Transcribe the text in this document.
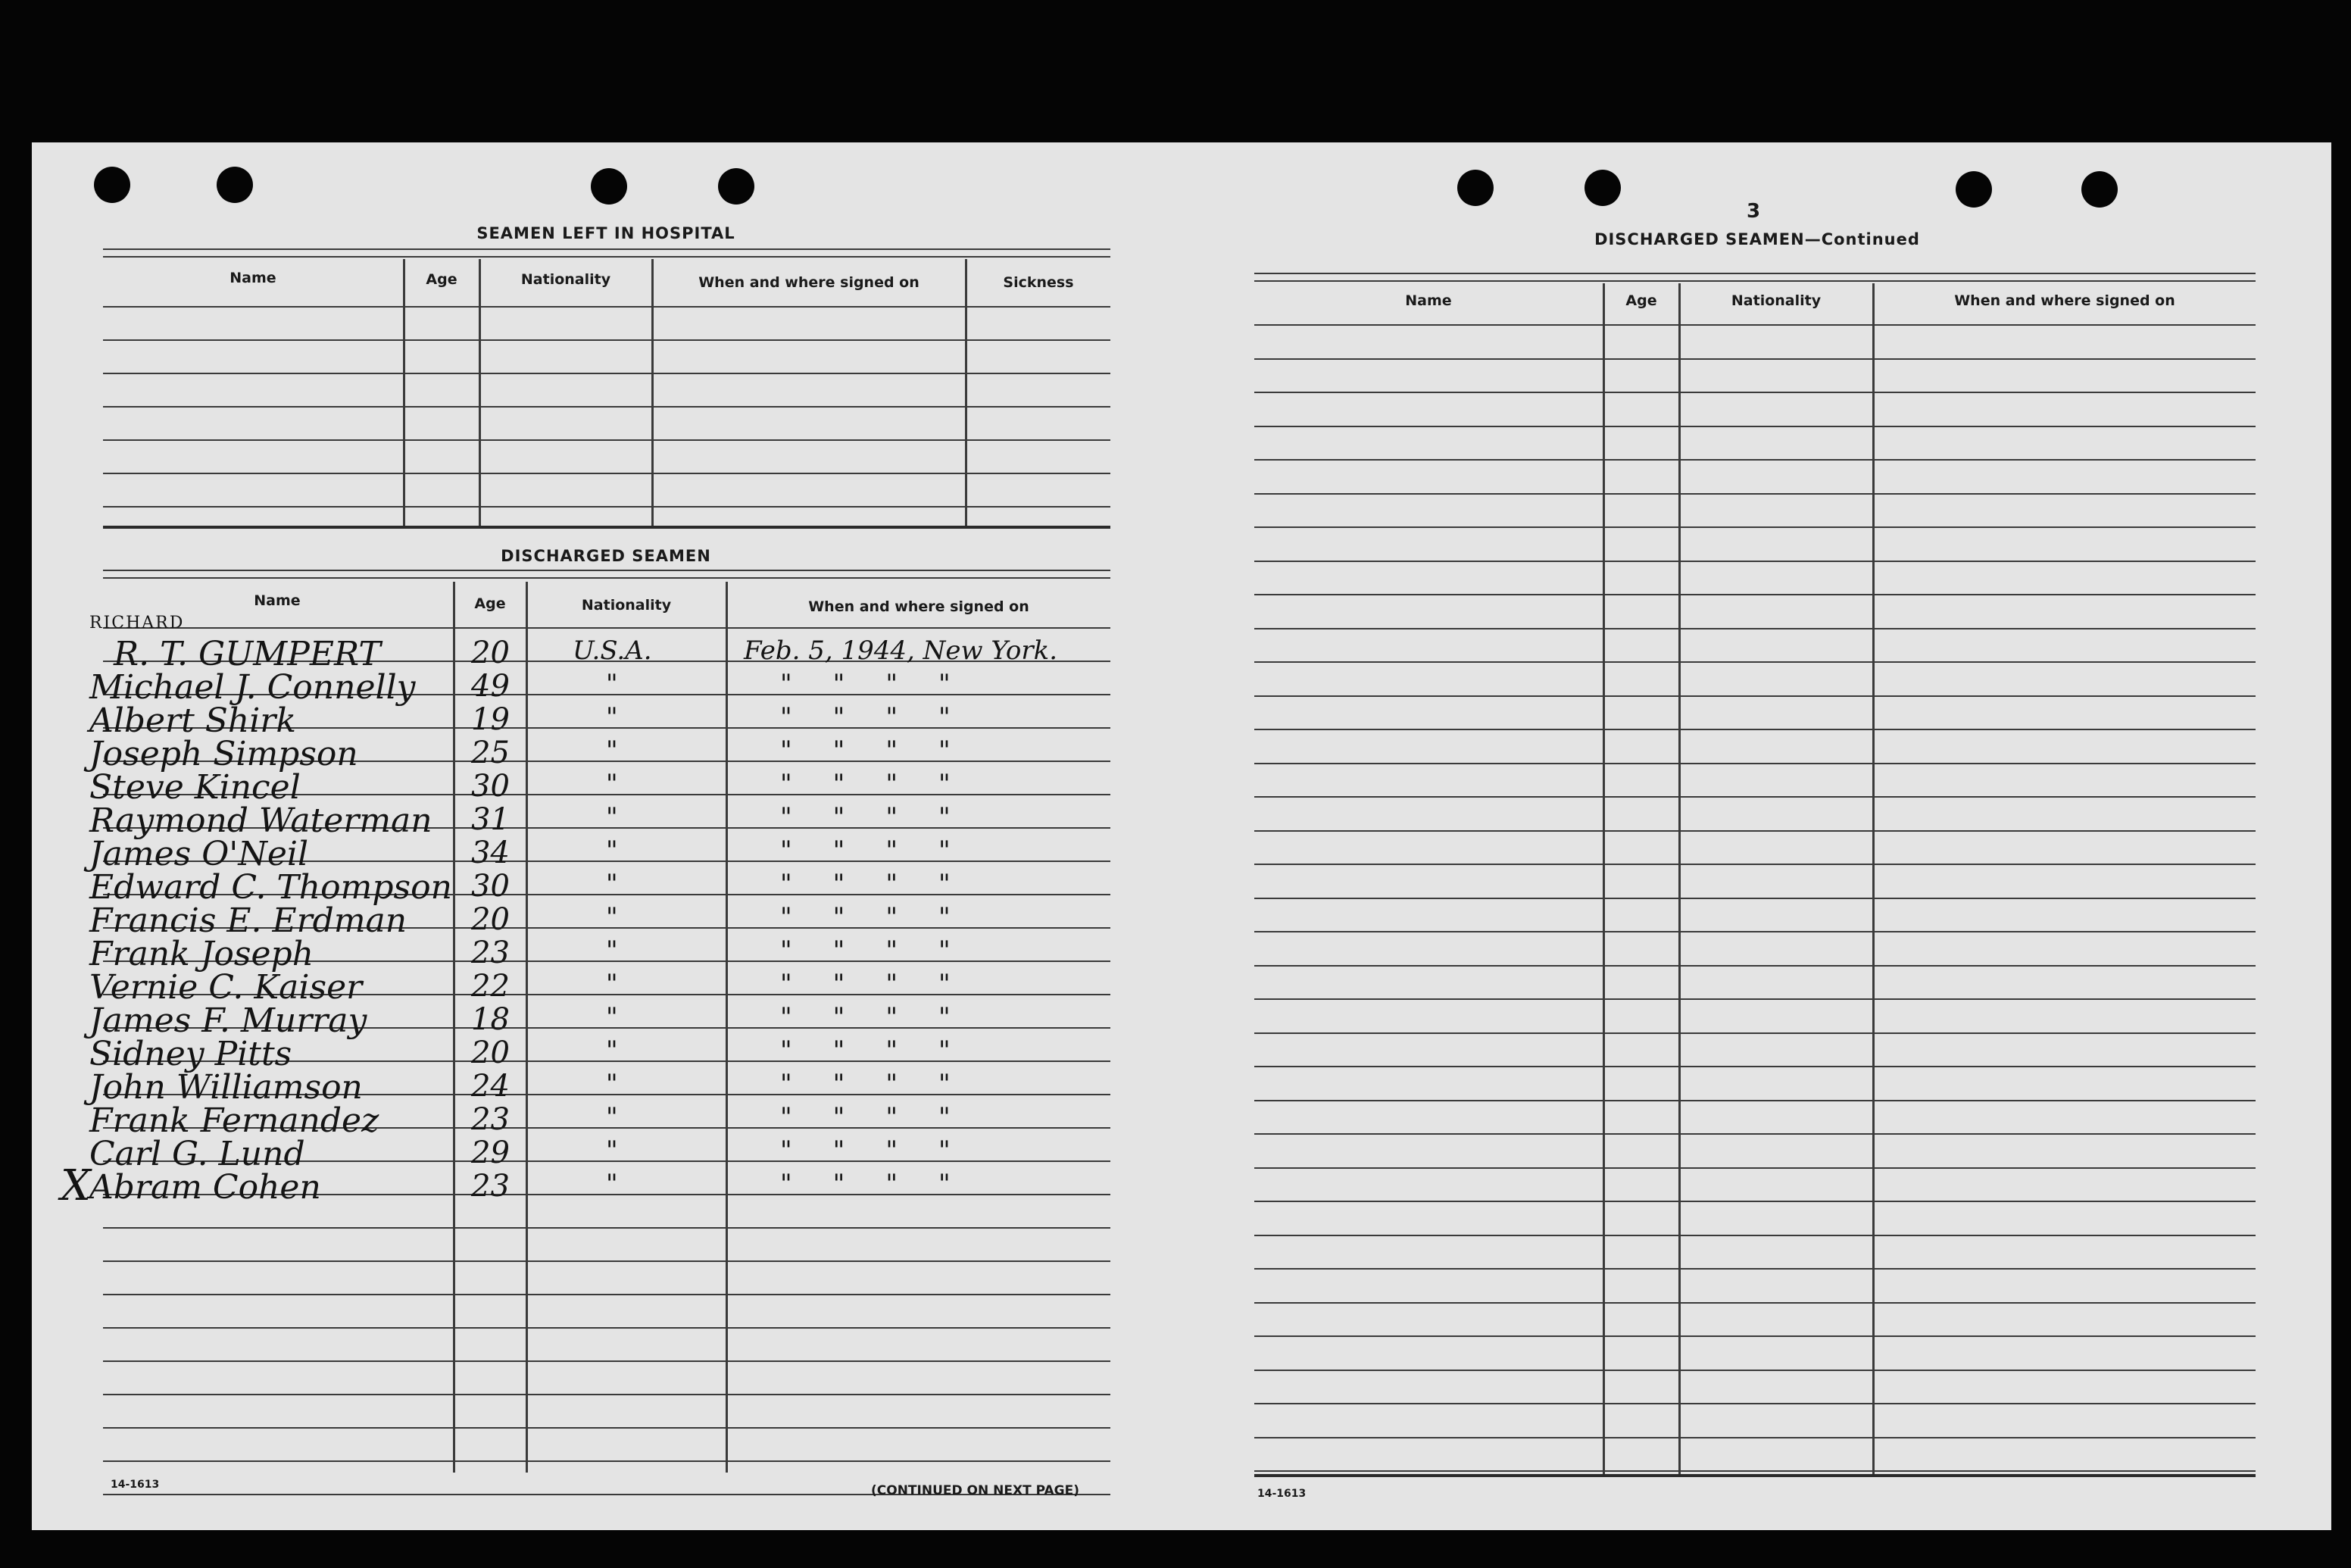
SEAMEN LEFT IN HOSPITAL
Name	Age	Nationality	When and where signed on	Sickness
DISCHARGED SEAMEN
Name	Age	Nationality	When and where signed on
RICHARD
X
R. T. GUMPERT	20 U.S.A.	Feb. 5, 1944, New York.
Michael J. Connelly 49	"	"     "     "     "
Albert Shirk	19	"	"     "     "     "
Joseph Simpson	25	"	"     "     "     "
Steve Kincel	30	"	"     "     "     "
Raymond Waterman 31	"	"     "     "     "
James O'Neil	34	"	"     "     "     "
Edward C. Thompson 30	"	"     "     "     "
Francis E. Erdman 20	"	"     "     "     "
Frank Joseph	23	"	"     "     "     "
Vernie C. Kaiser	22	"	"     "     "     "
James F. Murray	18	"	"     "     "     "
Sidney Pitts	20	"	"     "     "     "
John Williamson	24	"	"     "     "     "
Frank Fernandez	23	"	"     "     "     "
Carl G. Lund	29	"	"     "     "     "
Abram Cohen	23	"	"     "     "     "
14-1613	(CONTINUED ON NEXT PAGE)
3
DISCHARGED SEAMEN—Continued
Name	Age	Nationality	When and where signed on
14-1613
